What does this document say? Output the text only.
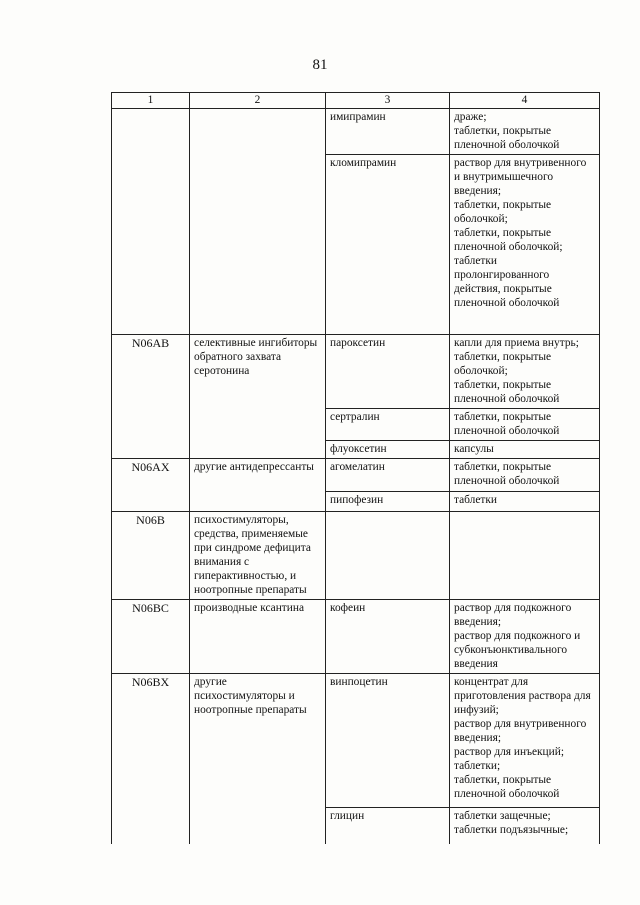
81
1	2	3	4
		имипрамин	драже;
таблетки, покрытые пленочной оболочкой

		кломипрамин	раствор для внутривенного и внутримышечного введения;
таблетки, покрытые оболочкой;
таблетки, покрытые пленочной оболочкой;
таблетки пролонгированного действия, покрытые пленочной оболочкой

N06AB	селективные ингибиторы обратного захвата серотонина	пароксетин	капли для приема внутрь;
таблетки, покрытые оболочкой;
таблетки, покрытые пленочной оболочкой

		сертралин	таблетки, покрытые пленочной оболочкой

		флуоксетин	капсулы

N06AX	другие антидепрессанты	агомелатин	таблетки, покрытые пленочной оболочкой

		пипофезин	таблетки

N06B	психостимуляторы, средства, применяемые при синдроме дефицита внимания с гиперактивностью, и ноотропные препараты		
N06BC	производные ксантина	кофеин	раствор для подкожного введения;
раствор для подкожного и субконъюнктивального введения

N06BX	другие психостимуляторы и ноотропные препараты	винпоцетин	концентрат для приготовления раствора для инфузий;
раствор для внутривенного введения;
раствор для инъекций;
таблетки;
таблетки, покрытые пленочной оболочкой

		глицин	таблетки защечные;
таблетки подъязычные;
